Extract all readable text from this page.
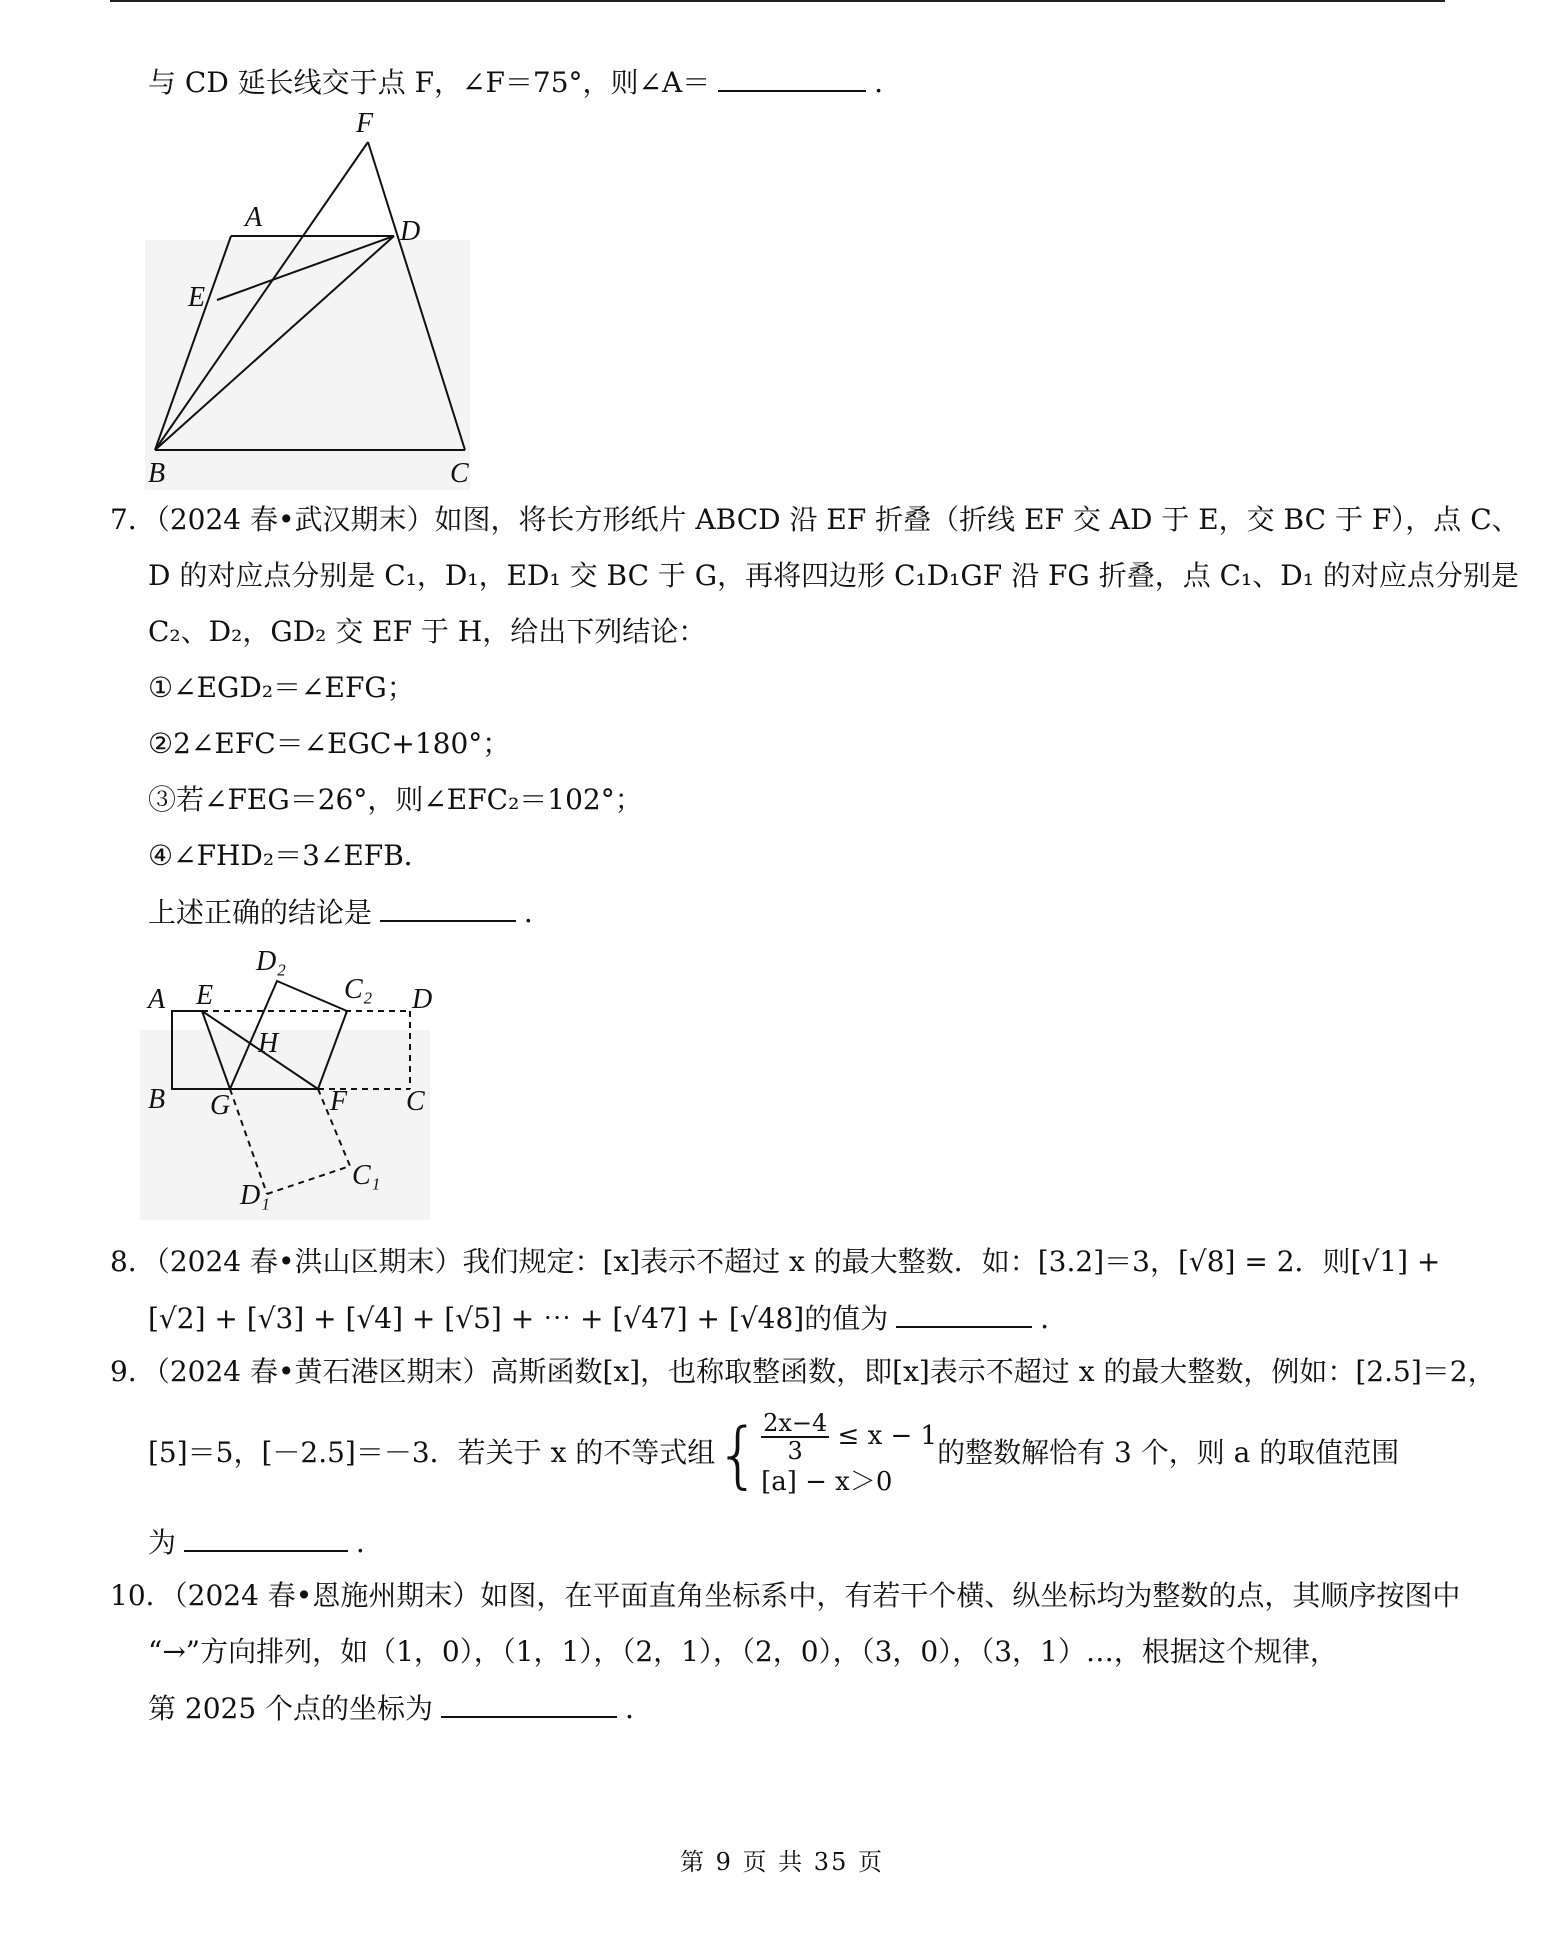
与 CD 延长线交于点 F，∠F＝75°，则∠A＝	．
F
A	D
E
B	C
7．（2024 春•武汉期末）如图，将长方形纸片 ABCD 沿 EF 折叠（折线 EF 交 AD 于 E，交 BC 于 F），点 C、
D 的对应点分别是 C₁，D₁，ED₁ 交 BC 于 G，再将四边形 C₁D₁GF 沿 FG 折叠，点 C₁、D₁ 的对应点分别是
C₂、D₂，GD₂ 交 EF 于 H，给出下列结论：
①∠EGD₂＝∠EFG；
②2∠EFC＝∠EGC+180°；
③若∠FEG＝26°，则∠EFC₂＝102°；
④∠FHD₂＝3∠EFB．
上述正确的结论是	．
A E
D₂
C₂ D
H
B G	F C
D₁
C₁
8．（2024 春•洪山区期末）我们规定：[x]表示不超过 x 的最大整数．如：[3.2]＝3，[√8] = 2．则[√1] +
[√2] + [√3] + [√4] + [√5] + ⋯ + [√47] + [√48]的值为	．
9．（2024 春•黄石港区期末）高斯函数[x]，也称取整函数，即[x]表示不超过 x 的最大整数，例如：[2.5]＝2，
[5]＝5，[－2.5]＝－3．若关于 x 的不等式组{ $\frac{2x-4}{3} \le x - 1$
[a] − x＞0
的整数解恰有 3 个，则 a 的取值范围
为	．
10．（2024 春•恩施州期末）如图，在平面直角坐标系中，有若干个横、纵坐标均为整数的点，其顺序按图中
“→”方向排列，如（1，0），（1，1），（2，1），（2，0），（3，0），（3，1）…，根据这个规律，
第 2025 个点的坐标为	．
第 9 页 共 35 页
